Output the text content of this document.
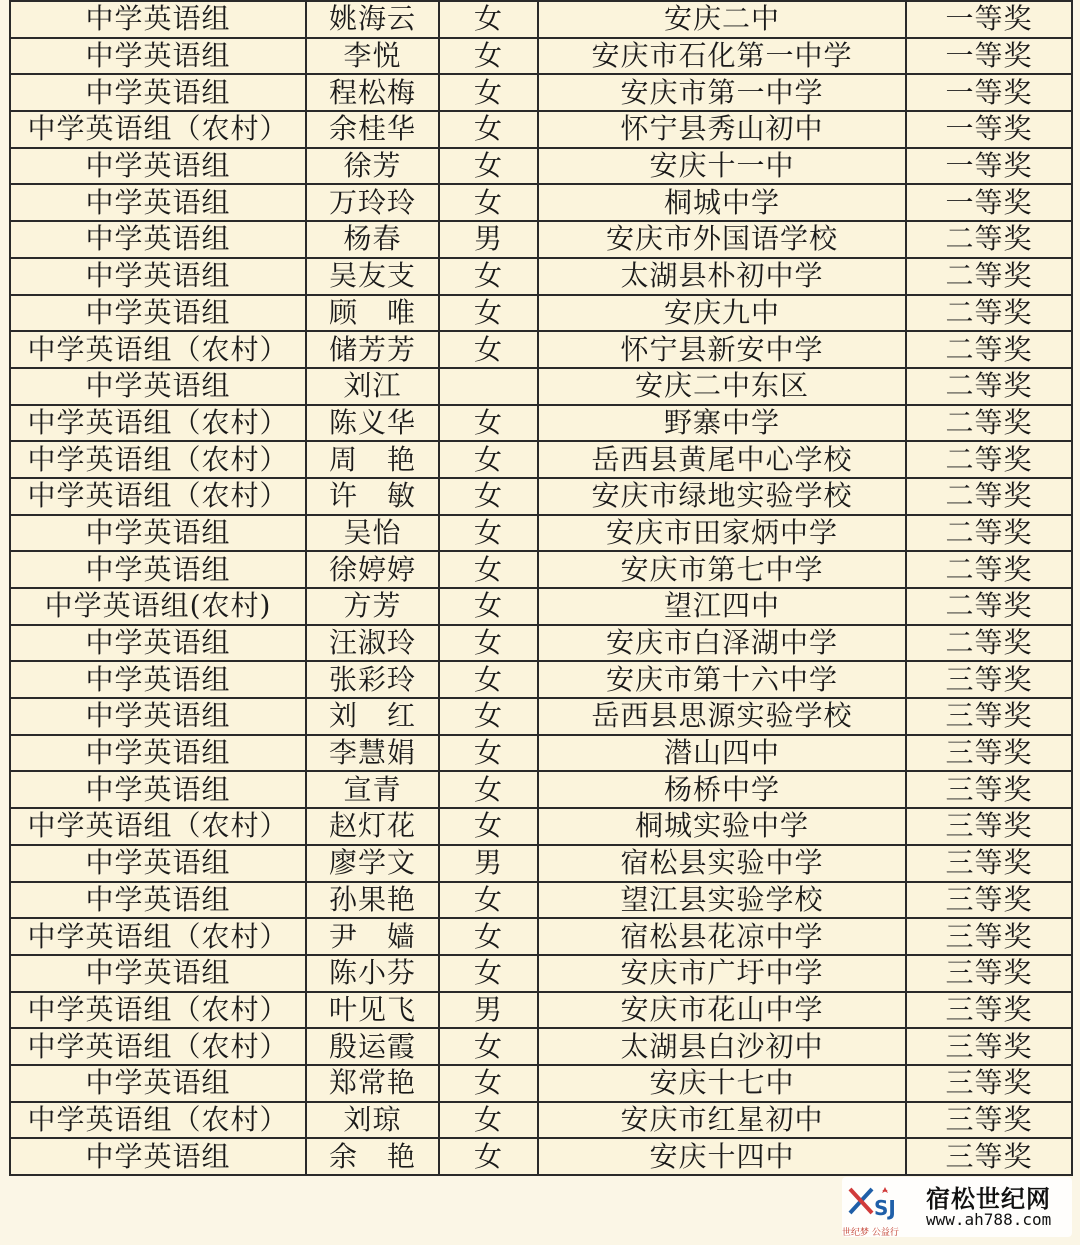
中学英语组	姚海云	女	安庆二中	一等奖
中学英语组	李悦	女	安庆市石化第一中学	一等奖
中学英语组	程松梅	女	安庆市第一中学	一等奖
中学英语组（农村）	余桂华	女	怀宁县秀山初中	一等奖
中学英语组	徐芳	女	安庆十一中	一等奖
中学英语组	万玲玲	女	桐城中学	一等奖
中学英语组	杨春	男	安庆市外国语学校	二等奖
中学英语组	吴友支	女	太湖县朴初中学	二等奖
中学英语组	顾　唯	女	安庆九中	二等奖
中学英语组（农村）	储芳芳	女	怀宁县新安中学	二等奖
中学英语组	刘江		安庆二中东区	二等奖
中学英语组（农村）	陈义华	女	野寨中学	二等奖
中学英语组（农村）	周　艳	女	岳西县黄尾中心学校	二等奖
中学英语组（农村）	许　敏	女	安庆市绿地实验学校	二等奖
中学英语组	吴怡	女	安庆市田家炳中学	二等奖
中学英语组	徐婷婷	女	安庆市第七中学	二等奖
中学英语组(农村)	方芳	女	望江四中	二等奖
中学英语组	汪淑玲	女	安庆市白泽湖中学	二等奖
中学英语组	张彩玲	女	安庆市第十六中学	三等奖
中学英语组	刘　红	女	岳西县思源实验学校	三等奖
中学英语组	李慧娟	女	潜山四中	三等奖
中学英语组	宣青	女	杨桥中学	三等奖
中学英语组（农村）	赵灯花	女	桐城实验中学	三等奖
中学英语组	廖学文	男	宿松县实验中学	三等奖
中学英语组	孙果艳	女	望江县实验学校	三等奖
中学英语组（农村）	尹　嫱	女	宿松县花凉中学	三等奖
中学英语组	陈小芬	女	安庆市广圩中学	三等奖
中学英语组（农村）	叶见飞	男	安庆市花山中学	三等奖
中学英语组（农村）	殷运霞	女	太湖县白沙初中	三等奖
中学英语组	郑常艳	女	安庆十七中	三等奖
中学英语组（农村）	刘琼	女	安庆市红星初中	三等奖
中学英语组	余　艳	女	安庆十四中	三等奖
SJ 宿松世纪网
www.ah788.com
世纪梦 公益行
